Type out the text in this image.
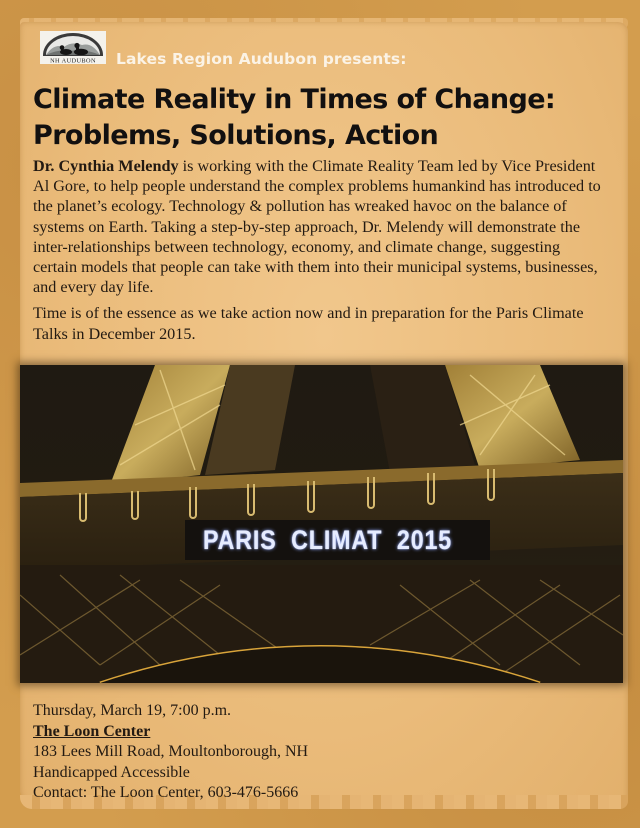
NH AUDUBON Lakes Region Audubon presents:
Climate Reality in Times of Change:
Problems, Solutions, Action

Dr. Cynthia Melendy is working with the Climate Reality Team led by Vice President Al Gore, to help people understand the complex problems humankind has introduced to the planet’s ecology. Technology & pollution has wreaked havoc on the balance of systems on Earth. Taking a step-by-step approach, Dr. Melendy will demonstrate the inter-relationships between technology, economy, and climate change, suggesting certain models that people can take with them into their municipal systems, businesses, and every day life.

Time is of the essence as we take action now and in preparation for the Paris Climate Talks in December 2015.

PARIS  CLIMAT  2015
Thursday, March 19, 7:00 p.m.
The Loon Center
183 Lees Mill Road, Moultonborough, NH
Handicapped Accessible
Contact: The Loon Center, 603-476-5666
